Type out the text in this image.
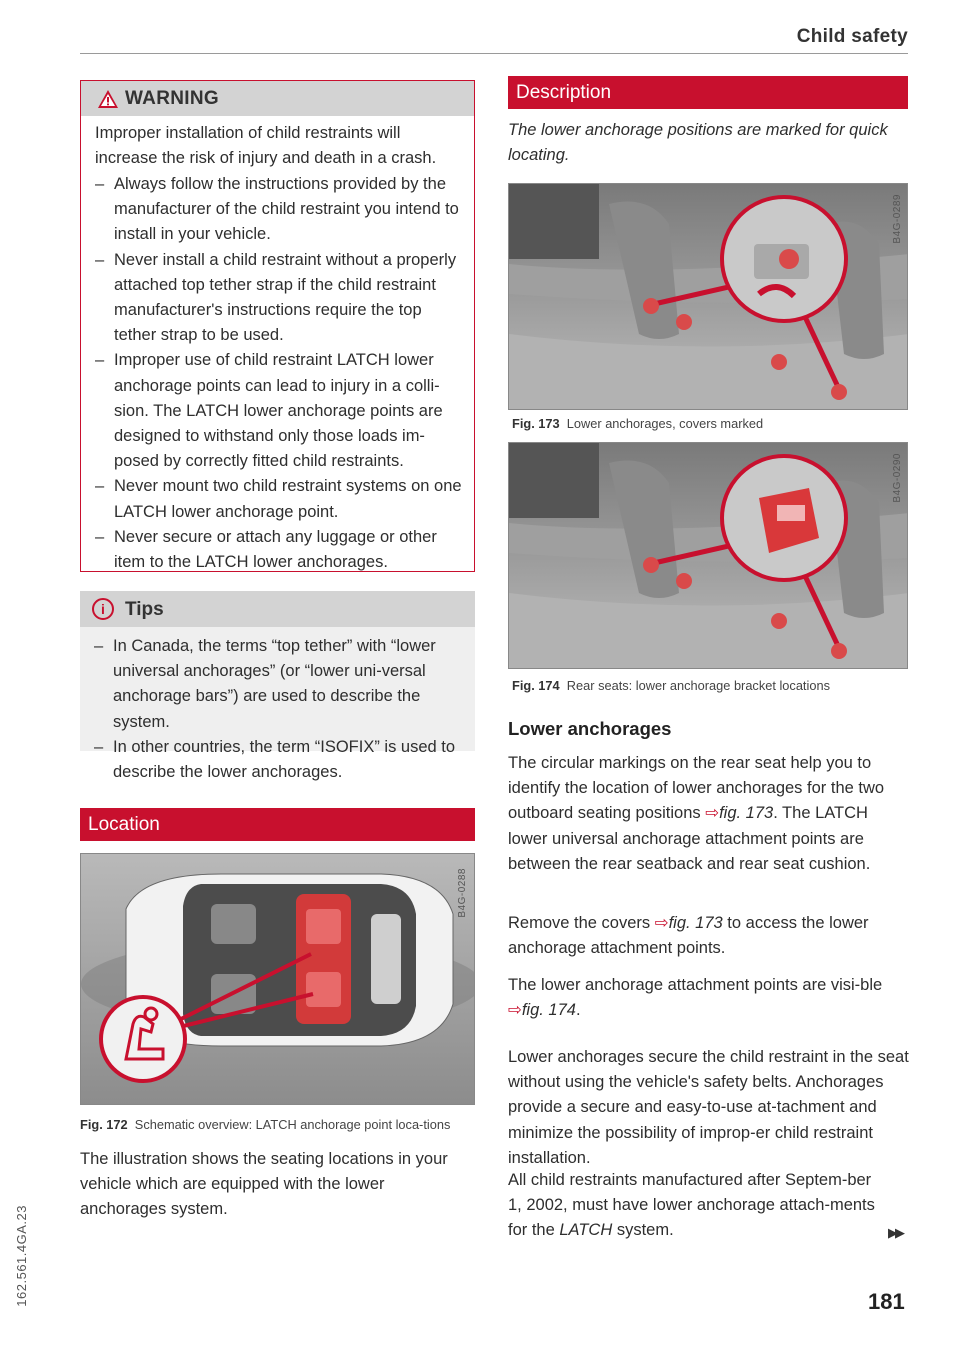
Child safety
WARNING
Improper installation of child restraints will increase the risk of injury and death in a crash.
– Always follow the instructions provided by the manufacturer of the child restraint you intend to install in your vehicle.
– Never install a child restraint without a properly attached top tether strap if the child restraint manufacturer's instructions require the top tether strap to be used.
– Improper use of child restraint LATCH lower anchorage points can lead to injury in a colli-sion. The LATCH lower anchorage points are designed to withstand only those loads im-posed by correctly fitted child restraints.
– Never mount two child restraint systems on one LATCH lower anchorage point.
– Never secure or attach any luggage or other item to the LATCH lower anchorages.
i	Tips
– In Canada, the terms “top tether” with “lower universal anchorages” (or “lower uni-versal anchorage bars”) are used to describe the system.
– In other countries, the term “ISOFIX” is used to describe the lower anchorages.
Location
B4G-0288
Fig. 172 Schematic overview: LATCH anchorage point loca-tions
The illustration shows the seating locations in your vehicle which are equipped with the lower anchorages system.
Description
The lower anchorage positions are marked for quick locating.
B4G-0289
Fig. 173 Lower anchorages, covers marked
B4G-0290
Fig. 174 Rear seats: lower anchorage bracket locations
Lower anchorages
The circular markings on the rear seat help you to identify the location of lower anchorages for the two outboard seating positions ⇨fig. 173. The LATCH lower universal anchorage attachment points are between the rear seatback and rear seat cushion.
Remove the covers ⇨fig. 173 to access the lower anchorage attachment points.
The lower anchorage attachment points are visi-ble ⇨fig. 174.
Lower anchorages secure the child restraint in the seat without using the vehicle's safety belts. Anchorages provide a secure and easy-to-use at-tachment and minimize the possibility of improp-er child restraint installation.
All child restraints manufactured after Septem-ber 1, 2002, must have lower anchorage attach-ments for the LATCH system.	▶▶
162.561.4GA.23	181
